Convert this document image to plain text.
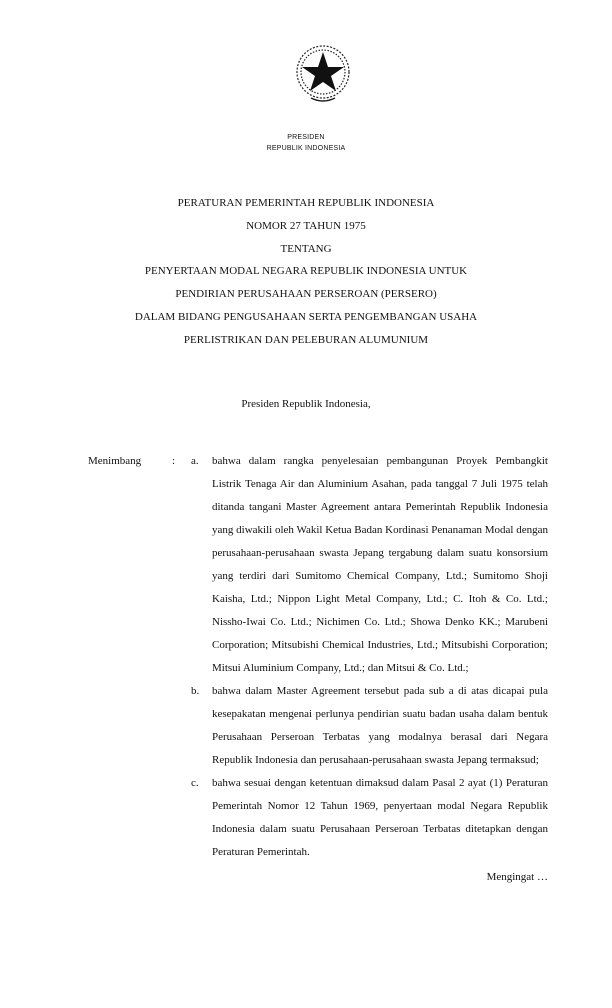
PRESIDEN
REPUBLIK INDONESIA
PERATURAN PEMERINTAH REPUBLIK INDONESIA
NOMOR 27 TAHUN 1975
TENTANG
PENYERTAAN MODAL NEGARA REPUBLIK INDONESIA UNTUK
PENDIRIAN PERUSAHAAN PERSEROAN (PERSERO)
DALAM BIDANG PENGUSAHAAN SERTA PENGEMBANGAN USAHA
PERLISTRIKAN DAN PELEBURAN ALUMUNIUM
Presiden Republik Indonesia,
Menimbang	: a.	bahwa dalam rangka penyelesaian pembangunan Proyek Pembangkit Listrik Tenaga Air dan Aluminium Asahan, pada tanggal 7 Juli 1975 telah ditanda tangani Master Agreement antara Pemerintah Republik Indonesia yang diwakili oleh Wakil Ketua Badan Kordinasi Penanaman Modal dengan perusahaan-perusahaan swasta Jepang tergabung dalam suatu konsorsium yang terdiri dari Sumitomo Chemical Company, Ltd.; Sumitomo Shoji Kaisha, Ltd.; Nippon Light Metal Company, Ltd.; C. Itoh & Co. Ltd.; Nissho-Iwai Co. Ltd.; Nichimen Co. Ltd.; Showa Denko KK.; Marubeni Corporation; Mitsubishi Chemical Industries, Ltd.; Mitsubishi Corporation; Mitsui Aluminium Company, Ltd.; dan Mitsui & Co. Ltd.;
b.	bahwa dalam Master Agreement tersebut pada sub a di atas dicapai pula kesepakatan mengenai perlunya pendirian suatu badan usaha dalam bentuk Perusahaan Perseroan Terbatas yang modalnya berasal dari Negara Republik Indonesia dan perusahaan-perusahaan swasta Jepang termaksud;
c.	bahwa sesuai dengan ketentuan dimaksud dalam Pasal 2 ayat (1) Peraturan Pemerintah Nomor 12 Tahun 1969, penyertaan modal Negara Republik Indonesia dalam suatu Perusahaan Perseroan Terbatas ditetapkan dengan Peraturan Pemerintah.
Mengingat …
